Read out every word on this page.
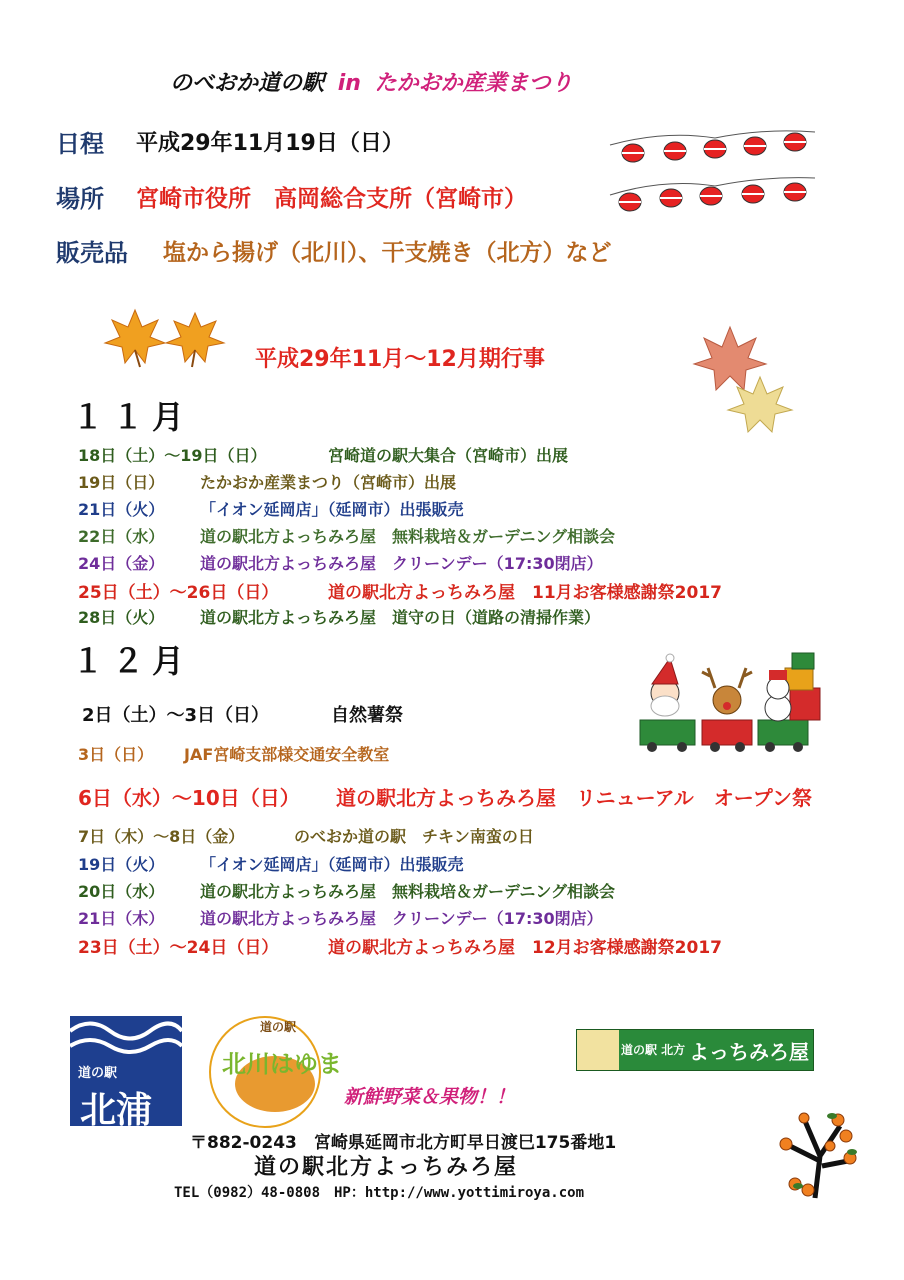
のべおか道の駅 in たかおか産業まつり
日程 平成29年11月19日（日）
場所 宮崎市役所　高岡総合支所（宮崎市）
販売品 塩から揚げ（北川）、干支焼き（北方）など
平成29年11月～12月期行事
１１月
18日（土）～19日（日）	宮崎道の駅大集合（宮崎市）出展
19日（日） たかおか産業まつり（宮崎市）出展
21日（火） 「イオン延岡店」（延岡市）出張販売
22日（水） 道の駅北方よっちみろ屋　無料栽培＆ガーデニング相談会
24日（金） 道の駅北方よっちみろ屋　クリーンデー（17:30閉店）
25日（土）～26日（日）	道の駅北方よっちみろ屋　11月お客様感謝祭2017
28日（火） 道の駅北方よっちみろ屋　道守の日（道路の清掃作業）
１２月
2日（土）～3日（日）	自然薯祭
3日（日） JAF宮崎支部様交通安全教室
6日（水）～10日（日） 道の駅北方よっちみろ屋　リニューアル　オープン祭
7日（木）～8日（金）	のべおか道の駅　チキン南蛮の日
19日（火） 「イオン延岡店」（延岡市）出張販売
20日（水） 道の駅北方よっちみろ屋　無料栽培＆ガーデニング相談会
21日（木） 道の駅北方よっちみろ屋　クリーンデー（17:30閉店）
23日（土）～24日（日）	道の駅北方よっちみろ屋　12月お客様感謝祭2017
道の駅
北浦
道の駅
北川はゆま	道の駅 北方 よっちみろ屋
新鮮野菜＆果物！！
〒882-0243　宮崎県延岡市北方町早日渡巳175番地1
道の駅北方よっちみろ屋
TEL（0982）48-0808　HP：http://www.yottimiroya.com
